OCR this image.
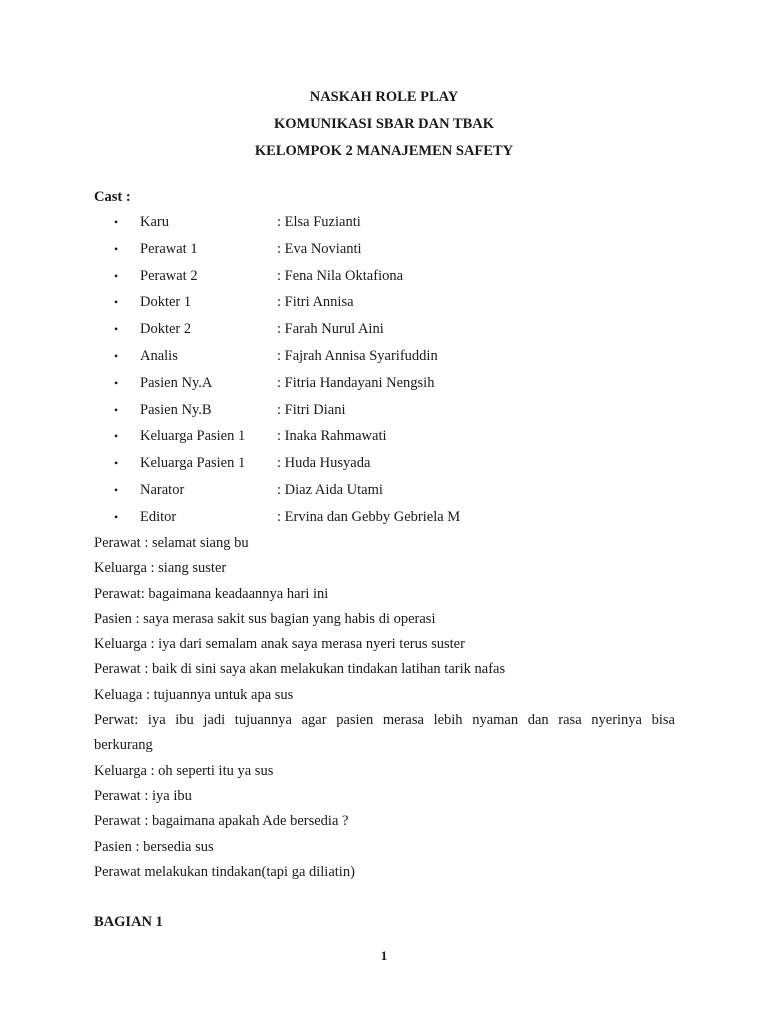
NASKAH ROLE PLAY
KOMUNIKASI SBAR DAN TBAK
KELOMPOK 2 MANAJEMEN SAFETY
Cast :
• Karu	: Elsa Fuzianti
• Perawat 1	: Eva Novianti
• Perawat 2	: Fena Nila Oktafiona
• Dokter 1	: Fitri Annisa
• Dokter 2	: Farah Nurul Aini
• Analis	: Fajrah Annisa Syarifuddin
• Pasien Ny.A	: Fitria Handayani Nengsih
• Pasien Ny.B	: Fitri Diani
• Keluarga Pasien 1 : Inaka Rahmawati
• Keluarga Pasien 1 : Huda Husyada
• Narator	: Diaz Aida Utami
• Editor	: Ervina dan Gebby Gebriela M
Perawat : selamat siang bu
Keluarga : siang suster
Perawat: bagaimana keadaannya hari ini
Pasien : saya merasa sakit sus bagian yang habis di operasi
Keluarga : iya dari semalam anak saya merasa nyeri terus suster
Perawat : baik di sini saya akan melakukan tindakan latihan tarik nafas
Keluaga : tujuannya untuk apa sus
Perwat: iya ibu jadi tujuannya agar pasien merasa lebih nyaman dan rasa nyerinya bisa
berkurang
Keluarga : oh seperti itu ya sus
Perawat : iya ibu
Perawat : bagaimana apakah Ade bersedia ?
Pasien : bersedia sus
Perawat melakukan tindakan(tapi ga diliatin)
BAGIAN 1
1
